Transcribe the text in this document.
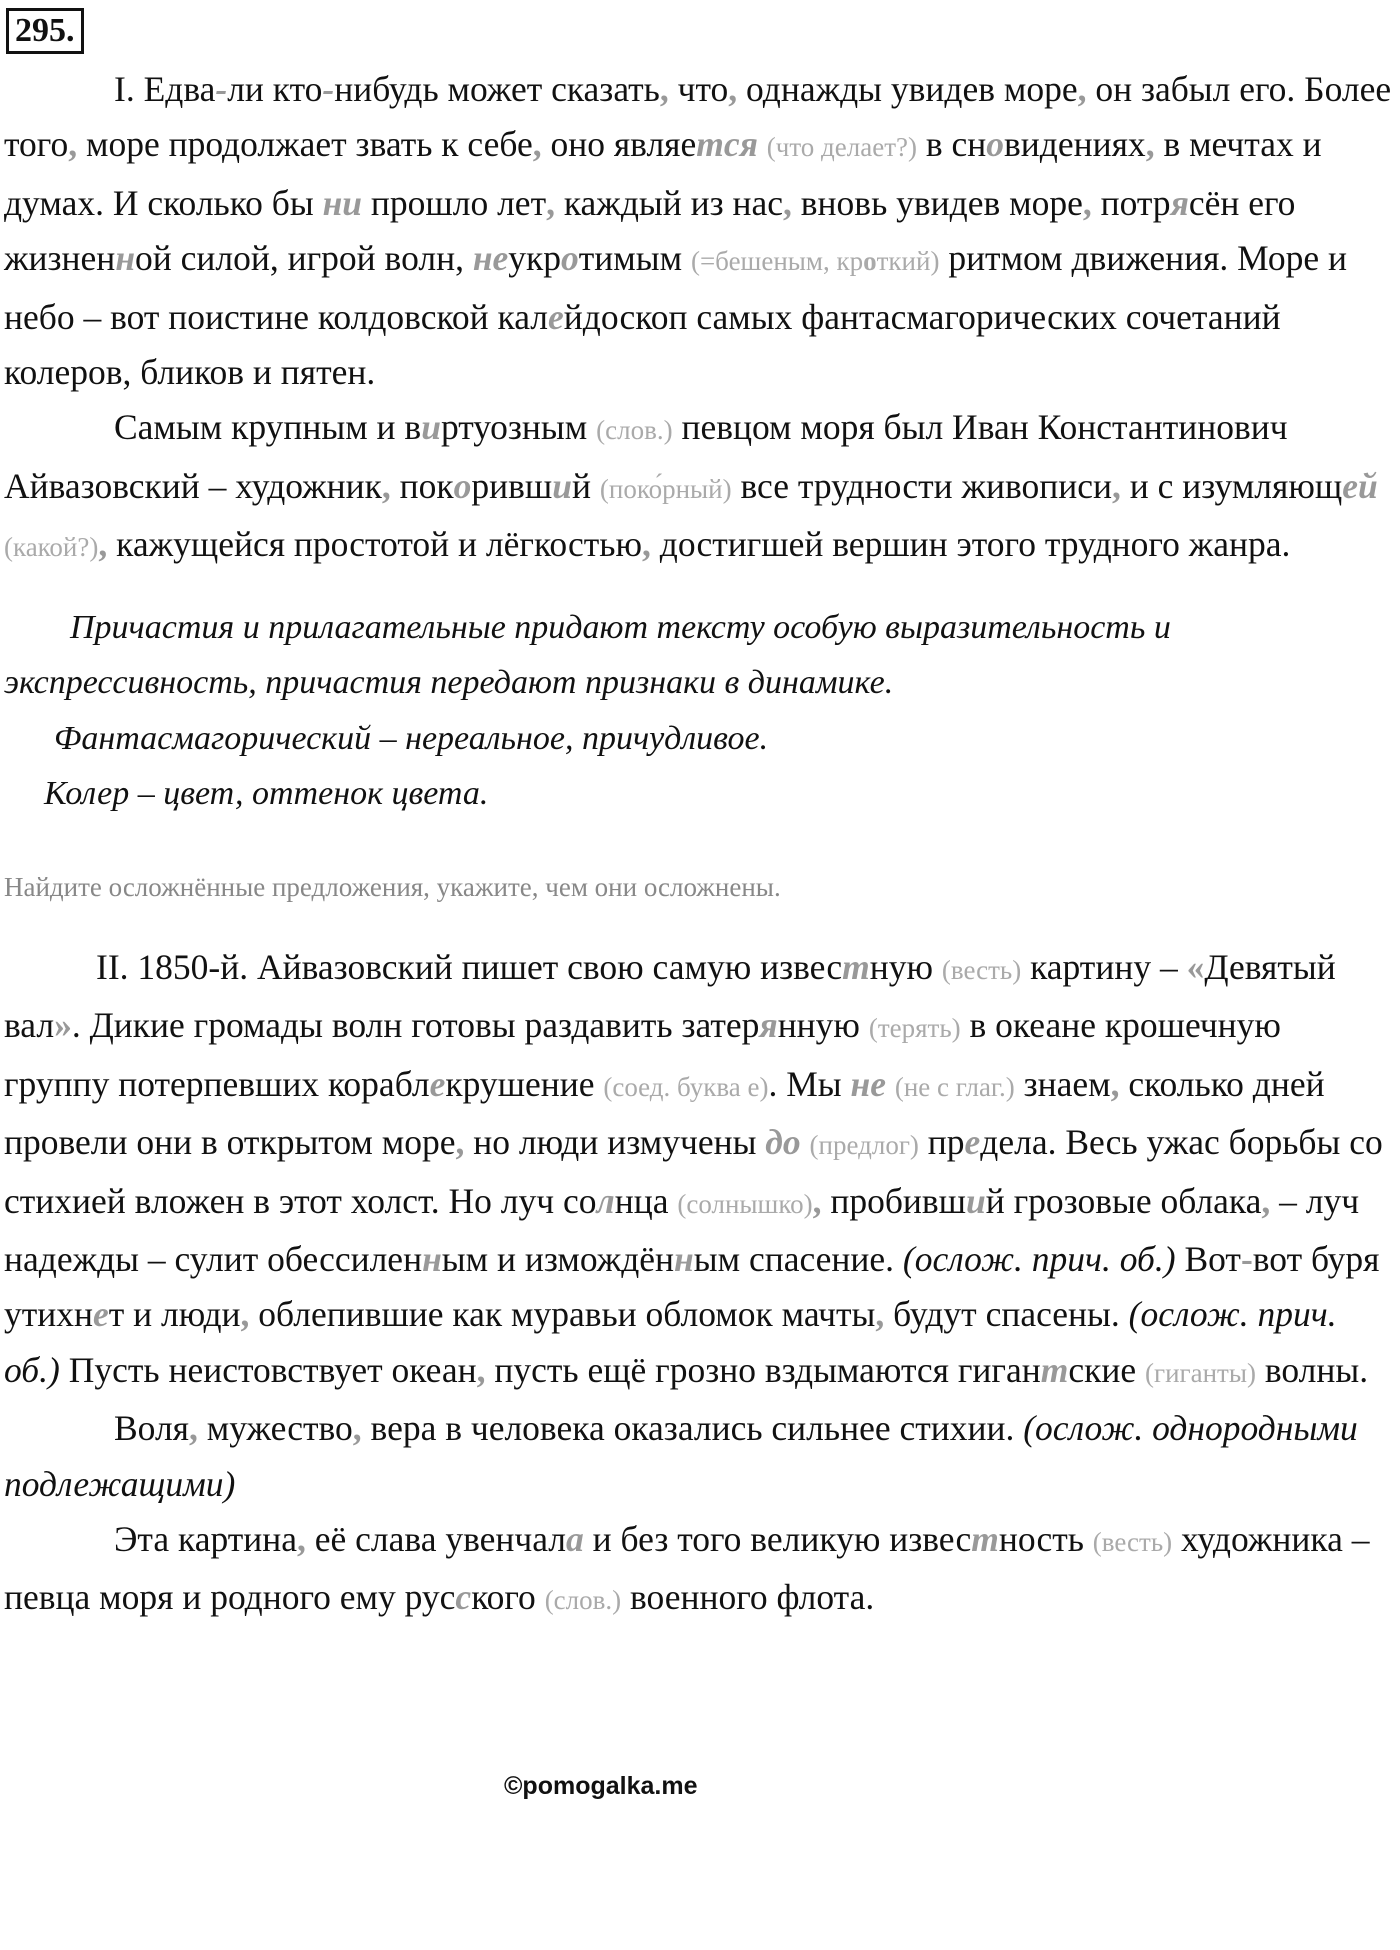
295.

I. Едва-ли кто-нибудь может сказать, что, однажды увидев море, он забыл его. Более того, море продолжает звать к себе, оно является (что делает?) в сновидениях, в мечтах и думах. И сколько бы ни прошло лет, каждый из нас, вновь увидев море, потрясён его жизненной силой, игрой волн, неукротимым (=бешеным, кроткий) ритмом движения. Море и небо – вот поистине колдовской калейдоскоп самых фантасмагорических сочетаний колеров, бликов и пятен.

Самым крупным и виртуозным (слов.) певцом моря был Иван Константинович Айвазовский – художник, покоривший (поко́рный) все трудности живописи, и с изумляющей (какой?), кажущейся простотой и лёгкостью, достигшей вершин этого трудного жанра.

Причастия и прилагательные придают тексту особую выразительность и экспрессивность, причастия передают признаки в динамике.

Фантасмагорический – нереальное, причудливое.

Колер – цвет, оттенок цвета.

Найдите осложнённые предложения, укажите, чем они осложнены.

II. 1850-й. Айвазовский пишет свою самую известную (весть) картину – «Девятый вал». Дикие громады волн готовы раздавить затерянную (терять) в океане крошечную группу потерпевших кораблекрушение (соед. буква е). Мы не (не с глаг.) знаем, сколько дней провели они в открытом море, но люди измучены до (предлог) предела. Весь ужас борьбы со стихией вложен в этот холст. Но луч солнца (солнышко), пробивший грозовые облака, – луч надежды – сулит обессиленным и измождённым спасение. (ослож. прич. об.) Вот-вот буря утихнет и люди, облепившие как муравьи обломок мачты, будут спасены. (ослож. прич. об.) Пусть неистовствует океан, пусть ещё грозно вздымаются гигантские (гиганты) волны.

Воля, мужество, вера в человека оказались сильнее стихии. (ослож. однородными подлежащими)

Эта картина, её слава увенчала и без того великую известность (весть) художника – певца моря и родного ему русского (слов.) военного флота.

©pomogalka.me
